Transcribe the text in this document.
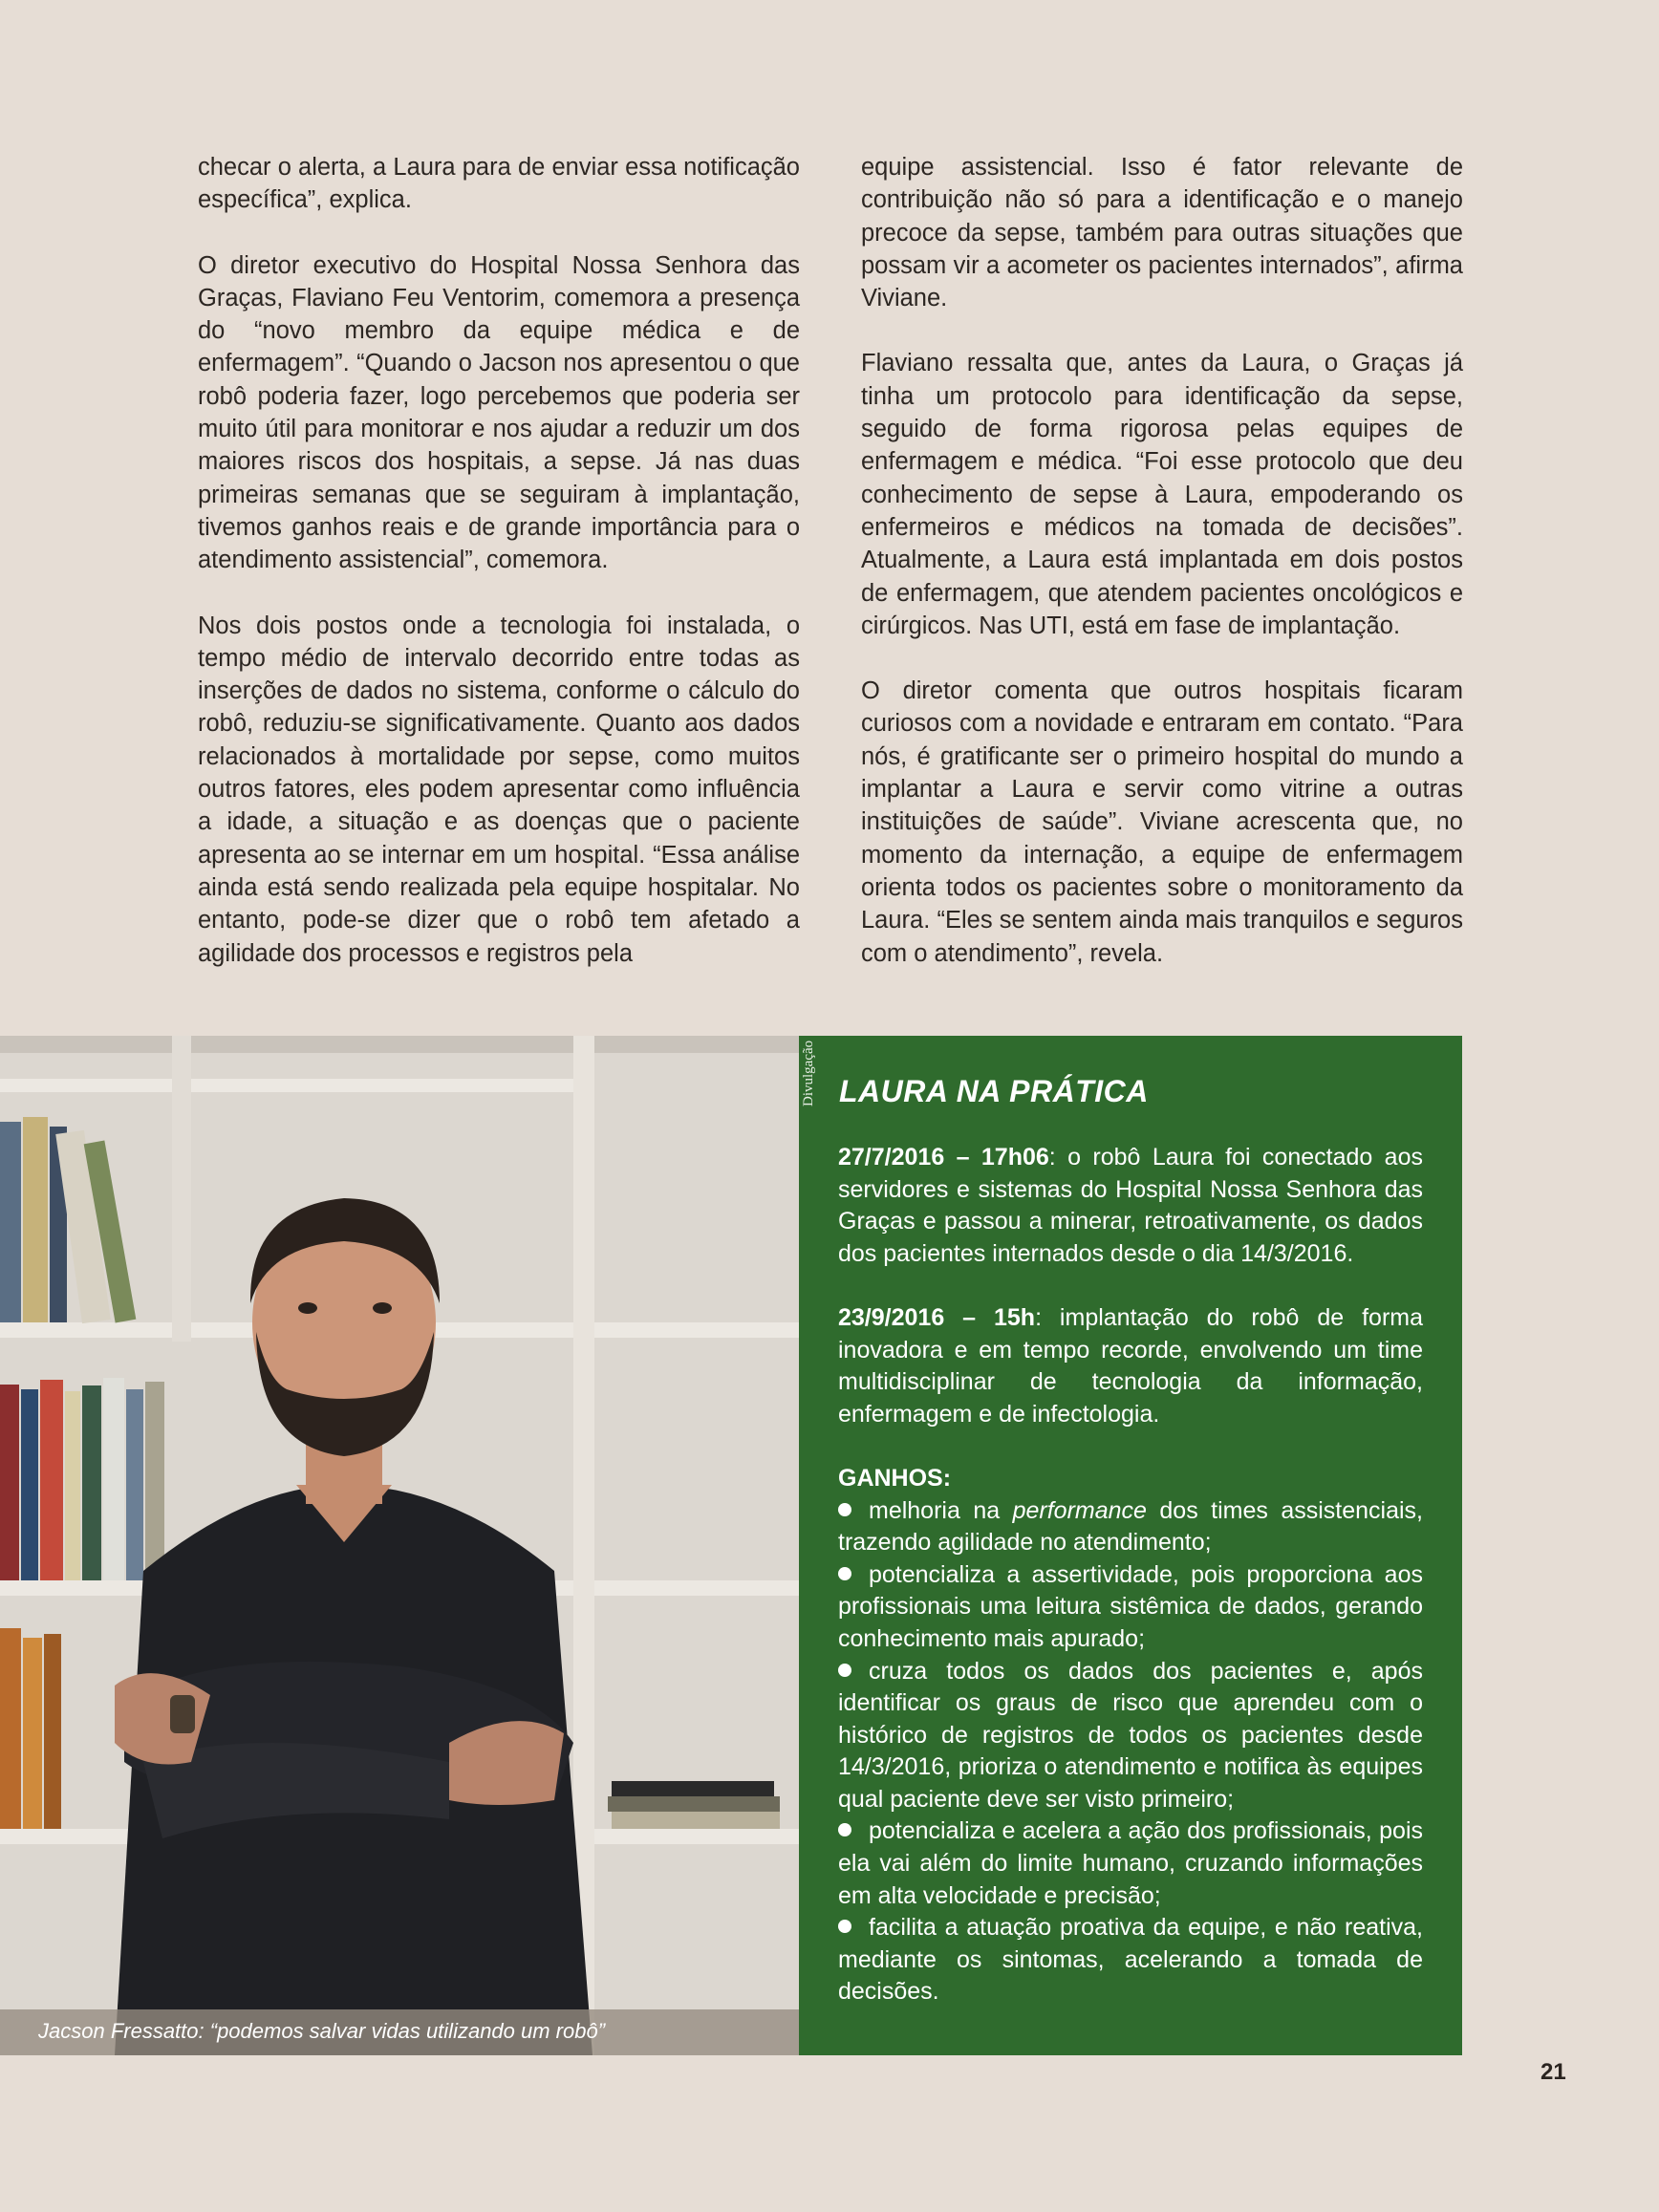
checar o alerta, a Laura para de enviar essa notificação específica”, explica.

O diretor executivo do Hospital Nossa Senhora das Graças, Flaviano Feu Ventorim, comemora a presença do “novo membro da equipe médica e de enfermagem”. “Quando o Jacson nos apresentou o que robô poderia fazer, logo percebemos que poderia ser muito útil para monitorar e nos ajudar a reduzir um dos maiores riscos dos hospitais, a sepse. Já nas duas primeiras semanas que se seguiram à implantação, tivemos ganhos reais e de grande importância para o atendimento assistencial”, comemora.

Nos dois postos onde a tecnologia foi instalada, o tempo médio de intervalo decorrido entre todas as inserções de dados no sistema, conforme o cálculo do robô, reduziu-se significativamente. Quanto aos dados relacionados à mortalidade por sepse, como muitos outros fatores, eles podem apresentar como influência a idade, a situação e as doenças que o paciente apresenta ao se internar em um hospital. “Essa análise ainda está sendo realizada pela equipe hospitalar. No entanto, pode-se dizer que o robô tem afetado a agilidade dos processos e registros pela

equipe assistencial. Isso é fator relevante de contribuição não só para a identificação e o manejo precoce da sepse, também para outras situações que possam vir a acometer os pacientes internados”, afirma Viviane.

Flaviano ressalta que, antes da Laura, o Graças já tinha um protocolo para identificação da sepse, seguido de forma rigorosa pelas equipes de enfermagem e médica. “Foi esse protocolo que deu conhecimento de sepse à Laura, empoderando os enfermeiros e médicos na tomada de decisões”. Atualmente, a Laura está implantada em dois postos de enfermagem, que atendem pacientes oncológicos e cirúrgicos. Nas UTI, está em fase de implantação.

O diretor comenta que outros hospitais ficaram curiosos com a novidade e entraram em contato. “Para nós, é gratificante ser o primeiro hospital do mundo a implantar a Laura e servir como vitrine a outras instituições de saúde”. Viviane acrescenta que, no momento da internação, a equipe de enfermagem orienta todos os pacientes sobre o monitoramento da Laura. “Eles se sentem ainda mais tranquilos e seguros com o atendimento”, revela.

Jacson Fressatto: “podemos salvar vidas utilizando um robô”
LAURA NA PRÁTICA

27/7/2016 – 17h06: o robô Laura foi conectado aos servidores e sistemas do Hospital Nossa Senhora das Graças e passou a minerar, retroativamente, os dados dos pacientes internados desde o dia 14/3/2016.

23/9/2016 – 15h: implantação do robô de forma inovadora e em tempo recorde, envolvendo um time multidisciplinar de tecnologia da informação, enfermagem e de infectologia.

GANHOS:
melhoria na performance dos times assistenciais, trazendo agilidade no atendimento;
potencializa a assertividade, pois proporciona aos profissionais uma leitura sistêmica de dados, gerando conhecimento mais apurado;
cruza todos os dados dos pacientes e, após identificar os graus de risco que aprendeu com o histórico de registros de todos os pacientes desde 14/3/2016, prioriza o atendimento e notifica às equipes qual paciente deve ser visto primeiro;
potencializa e acelera a ação dos profissionais, pois ela vai além do limite humano, cruzando informações em alta velocidade e precisão;
facilita a atuação proativa da equipe, e não reativa, mediante os sintomas, acelerando a tomada de decisões.
Divulgação
21
